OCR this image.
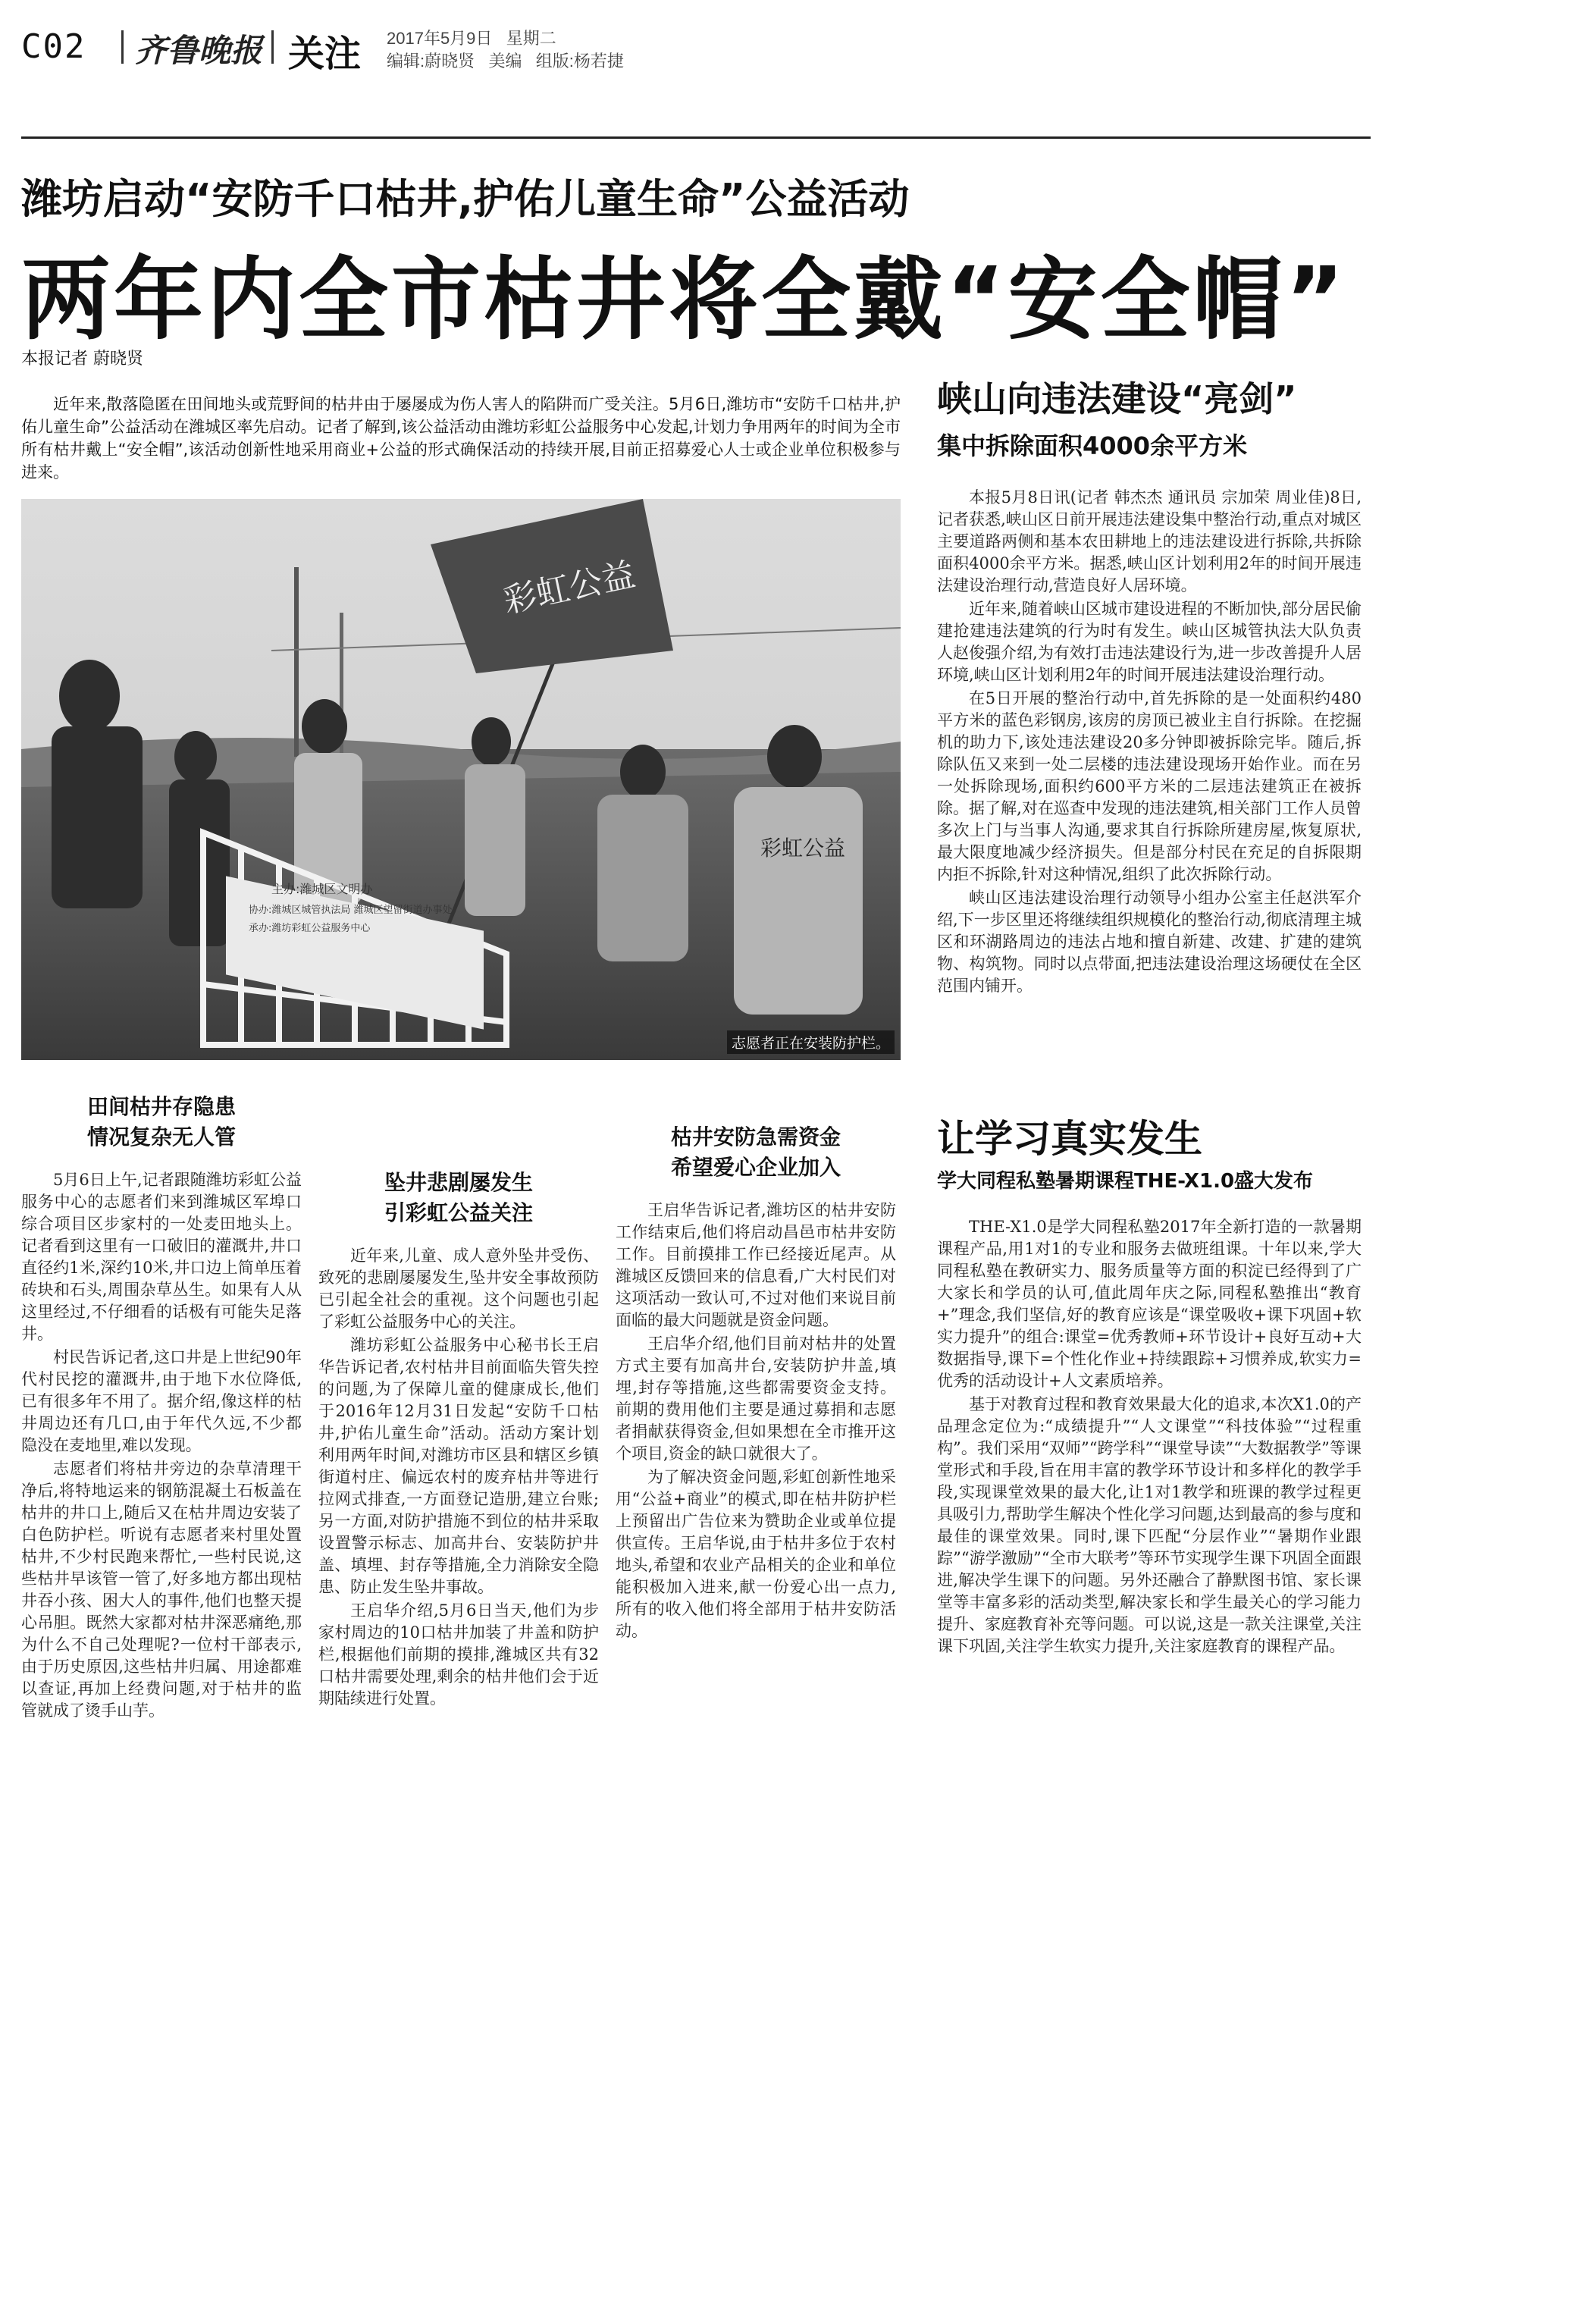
C02 齐鲁晚报 关注 2017年5月9日   星期二
编辑:蔚晓贤   美编   组版:杨若捷
潍坊启动“安防千口枯井,护佑儿童生命”公益活动
两年内全市枯井将全戴“安全帽”
本报记者 蔚晓贤
近年来,散落隐匿在田间地头或荒野间的枯井由于屡屡成为伤人害人的陷阱而广受关注。5月6日,潍坊市“安防千口枯井,护佑儿童生命”公益活动在潍城区率先启动。记者了解到,该公益活动由潍坊彩虹公益服务中心发起,计划力争用两年的时间为全市所有枯井戴上“安全帽”,该活动创新性地采用商业+公益的形式确保活动的持续开展,目前正招募爱心人士或企业单位积极参与进来。
彩虹公益
彩虹公益
主办:潍城区文明办
协办:潍城区城管执法局 潍城区望留街道办事处
承办:潍坊彩虹公益服务中心
志愿者正在安装防护栏。
田间枯井存隐患
情况复杂无人管

5月6日上午,记者跟随潍坊彩虹公益服务中心的志愿者们来到潍城区军埠口综合项目区步家村的一处麦田地头上。记者看到这里有一口破旧的灌溉井,井口直径约1米,深约10米,井口边上简单压着砖块和石头,周围杂草丛生。如果有人从这里经过,不仔细看的话极有可能失足落井。

村民告诉记者,这口井是上世纪90年代村民挖的灌溉井,由于地下水位降低,已有很多年不用了。据介绍,像这样的枯井周边还有几口,由于年代久远,不少都隐没在麦地里,难以发现。

志愿者们将枯井旁边的杂草清理干净后,将特地运来的钢筋混凝土石板盖在枯井的井口上,随后又在枯井周边安装了白色防护栏。听说有志愿者来村里处置枯井,不少村民跑来帮忙,一些村民说,这些枯井早该管一管了,好多地方都出现枯井吞小孩、困大人的事件,他们也整天提心吊胆。既然大家都对枯井深恶痛绝,那为什么不自己处理呢?一位村干部表示,由于历史原因,这些枯井归属、用途都难以查证,再加上经费问题,对于枯井的监管就成了烫手山芋。

坠井悲剧屡发生
引彩虹公益关注

近年来,儿童、成人意外坠井受伤、致死的悲剧屡屡发生,坠井安全事故预防已引起全社会的重视。这个问题也引起了彩虹公益服务中心的关注。

潍坊彩虹公益服务中心秘书长王启华告诉记者,农村枯井目前面临失管失控的问题,为了保障儿童的健康成长,他们于2016年12月31日发起“安防千口枯井,护佑儿童生命”活动。活动方案计划利用两年时间,对潍坊市区县和辖区乡镇街道村庄、偏远农村的废弃枯井等进行拉网式排查,一方面登记造册,建立台账;另一方面,对防护措施不到位的枯井采取设置警示标志、加高井台、安装防护井盖、填埋、封存等措施,全力消除安全隐患、防止发生坠井事故。

王启华介绍,5月6日当天,他们为步家村周边的10口枯井加装了井盖和防护栏,根据他们前期的摸排,潍城区共有32口枯井需要处理,剩余的枯井他们会于近期陆续进行处置。

枯井安防急需资金
希望爱心企业加入

王启华告诉记者,潍坊区的枯井安防工作结束后,他们将启动昌邑市枯井安防工作。目前摸排工作已经接近尾声。从潍城区反馈回来的信息看,广大村民们对这项活动一致认可,不过对他们来说目前面临的最大问题就是资金问题。

王启华介绍,他们目前对枯井的处置方式主要有加高井台,安装防护井盖,填埋,封存等措施,这些都需要资金支持。前期的费用他们主要是通过募捐和志愿者捐献获得资金,但如果想在全市推开这个项目,资金的缺口就很大了。

为了解决资金问题,彩虹创新性地采用“公益+商业”的模式,即在枯井防护栏上预留出广告位来为赞助企业或单位提供宣传。王启华说,由于枯井多位于农村地头,希望和农业产品相关的企业和单位能积极加入进来,献一份爱心出一点力,所有的收入他们将全部用于枯井安防活动。

峡山向违法建设“亮剑”
集中拆除面积4000余平方米

本报5月8日讯(记者 韩杰杰 通讯员 宗加荣 周业佳)8日,记者获悉,峡山区日前开展违法建设集中整治行动,重点对城区主要道路两侧和基本农田耕地上的违法建设进行拆除,共拆除面积4000余平方米。据悉,峡山区计划利用2年的时间开展违法建设治理行动,营造良好人居环境。

近年来,随着峡山区城市建设进程的不断加快,部分居民偷建抢建违法建筑的行为时有发生。峡山区城管执法大队负责人赵俊强介绍,为有效打击违法建设行为,进一步改善提升人居环境,峡山区计划利用2年的时间开展违法建设治理行动。

在5日开展的整治行动中,首先拆除的是一处面积约480平方米的蓝色彩钢房,该房的房顶已被业主自行拆除。在挖掘机的助力下,该处违法建设20多分钟即被拆除完毕。随后,拆除队伍又来到一处二层楼的违法建设现场开始作业。而在另一处拆除现场,面积约600平方米的二层违法建筑正在被拆除。据了解,对在巡查中发现的违法建筑,相关部门工作人员曾多次上门与当事人沟通,要求其自行拆除所建房屋,恢复原状,最大限度地减少经济损失。但是部分村民在充足的自拆限期内拒不拆除,针对这种情况,组织了此次拆除行动。

峡山区违法建设治理行动领导小组办公室主任赵洪军介绍,下一步区里还将继续组织规模化的整治行动,彻底清理主城区和环湖路周边的违法占地和擅自新建、改建、扩建的建筑物、构筑物。同时以点带面,把违法建设治理这场硬仗在全区范围内铺开。

让学习真实发生
学大同程私塾暑期课程THE-X1.0盛大发布

THE-X1.0是学大同程私塾2017年全新打造的一款暑期课程产品,用1对1的专业和服务去做班组课。十年以来,学大同程私塾在教研实力、服务质量等方面的积淀已经得到了广大家长和学员的认可,值此周年庆之际,同程私塾推出“教育+”理念,我们坚信,好的教育应该是“课堂吸收+课下巩固+软实力提升”的组合:课堂=优秀教师+环节设计+良好互动+大数据指导,课下=个性化作业+持续跟踪+习惯养成,软实力=优秀的活动设计+人文素质培养。

基于对教育过程和教育效果最大化的追求,本次X1.0的产品理念定位为:“成绩提升”“人文课堂”“科技体验”“过程重构”。我们采用“双师”“跨学科”“课堂导读”“大数据教学”等课堂形式和手段,旨在用丰富的教学环节设计和多样化的教学手段,实现课堂效果的最大化,让1对1教学和班课的教学过程更具吸引力,帮助学生解决个性化学习问题,达到最高的参与度和最佳的课堂效果。同时,课下匹配“分层作业”“暑期作业跟踪”“游学激励”“全市大联考”等环节实现学生课下巩固全面跟进,解决学生课下的问题。另外还融合了静默图书馆、家长课堂等丰富多彩的活动类型,解决家长和学生最关心的学习能力提升、家庭教育补充等问题。可以说,这是一款关注课堂,关注课下巩固,关注学生软实力提升,关注家庭教育的课程产品。
